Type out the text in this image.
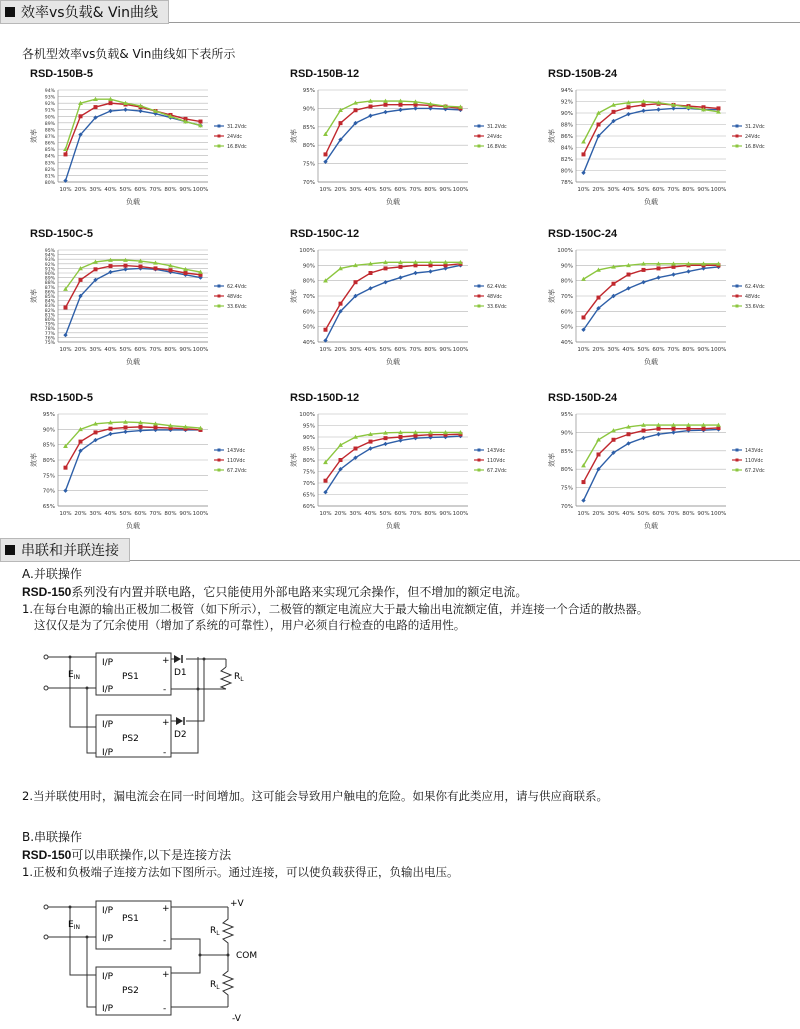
效率vs负载& Vin曲线
各机型效率vs负载& Vin曲线如下表所示
RSD-150B-5
80%
81%
82%
83%
84%
85%
86%
87%
88%
89%
90%
91%
92%
93%
94%
10% 20% 30% 40% 50% 60% 70% 80% 90% 100%
效率
负载
31.2Vdc
24Vdc
16.8Vdc
RSD-150B-12
70%
75%
80%
85%
90%
95%
10% 20% 30% 40% 50% 60% 70% 80% 90% 100%
效率
负载
31.2Vdc
24Vdc
16.8Vdc
RSD-150B-24
78%
80%
82%
84%
86%
88%
90%
92%
94%
10% 20% 30% 40% 50% 60% 70% 80% 90% 100%
效率
负载
31.2Vdc
24Vdc
16.8Vdc
RSD-150C-5
75%
76%
77%
78%
79%
80%
81%
82%
83%
84%
85%
86%
87%
88%
89%
90%
91%
92%
93%
94%
95%
10% 20% 30% 40% 50% 60% 70% 80% 90% 100%
效率
负载
62.4Vdc
48Vdc
33.6Vdc
RSD-150C-12
40%
50%
60%
70%
80%
90%
100%
10% 20% 30% 40% 50% 60% 70% 80% 90% 100%
效率
负载
62.4Vdc
48Vdc
33.6Vdc
RSD-150C-24
40%
50%
60%
70%
80%
90%
100%
10% 20% 30% 40% 50% 60% 70% 80% 90% 100%
效率
负载
62.4Vdc
48Vdc
33.6Vdc
RSD-150D-5
65%
70%
75%
80%
85%
90%
95%
10% 20% 30% 40% 50% 60% 70% 80% 90% 100%
效率
负载
143Vdc
110Vdc
67.2Vdc
RSD-150D-12
60%
65%
70%
75%
80%
85%
90%
95%
100%
10% 20% 30% 40% 50% 60% 70% 80% 90% 100%
效率
负载
143Vdc
110Vdc
67.2Vdc
RSD-150D-24
70%
75%
80%
85%
90%
95%
10% 20% 30% 40% 50% 60% 70% 80% 90% 100%
效率
负载
143Vdc
110Vdc
67.2Vdc
串联和并联连接
A.并联操作
RSD-150系列没有内置并联电路，它只能使用外部电路来实现冗余操作，但不增加的额定电流。
1.在每台电源的输出正极加二极管（如下所示），二极管的额定电流应大于最大输出电流额定值，并连接一个合适的散热器。
这仅仅是为了冗余使用（增加了系统的可靠性），用户必须自行检查的电路的适用性。
$E_{IN}$
I/P
I/P
PS1
+
-
I/P
I/P
PS2
+
-
D1
D2
$R_L$
2.当并联使用时，漏电流会在同一时间增加。这可能会导致用户触电的危险。如果你有此类应用，请与供应商联系。
B.串联操作
RSD-150可以串联操作,以下是连接方法
1.正极和负极端子连接方法如下图所示。通过连接，可以使负载获得正，负输出电压。
$E_{IN}$
I/P
I/P
PS1
+
-
I/P
I/P
PS2
+
-
+V
COM
-V
$R_L$
$R_L$
